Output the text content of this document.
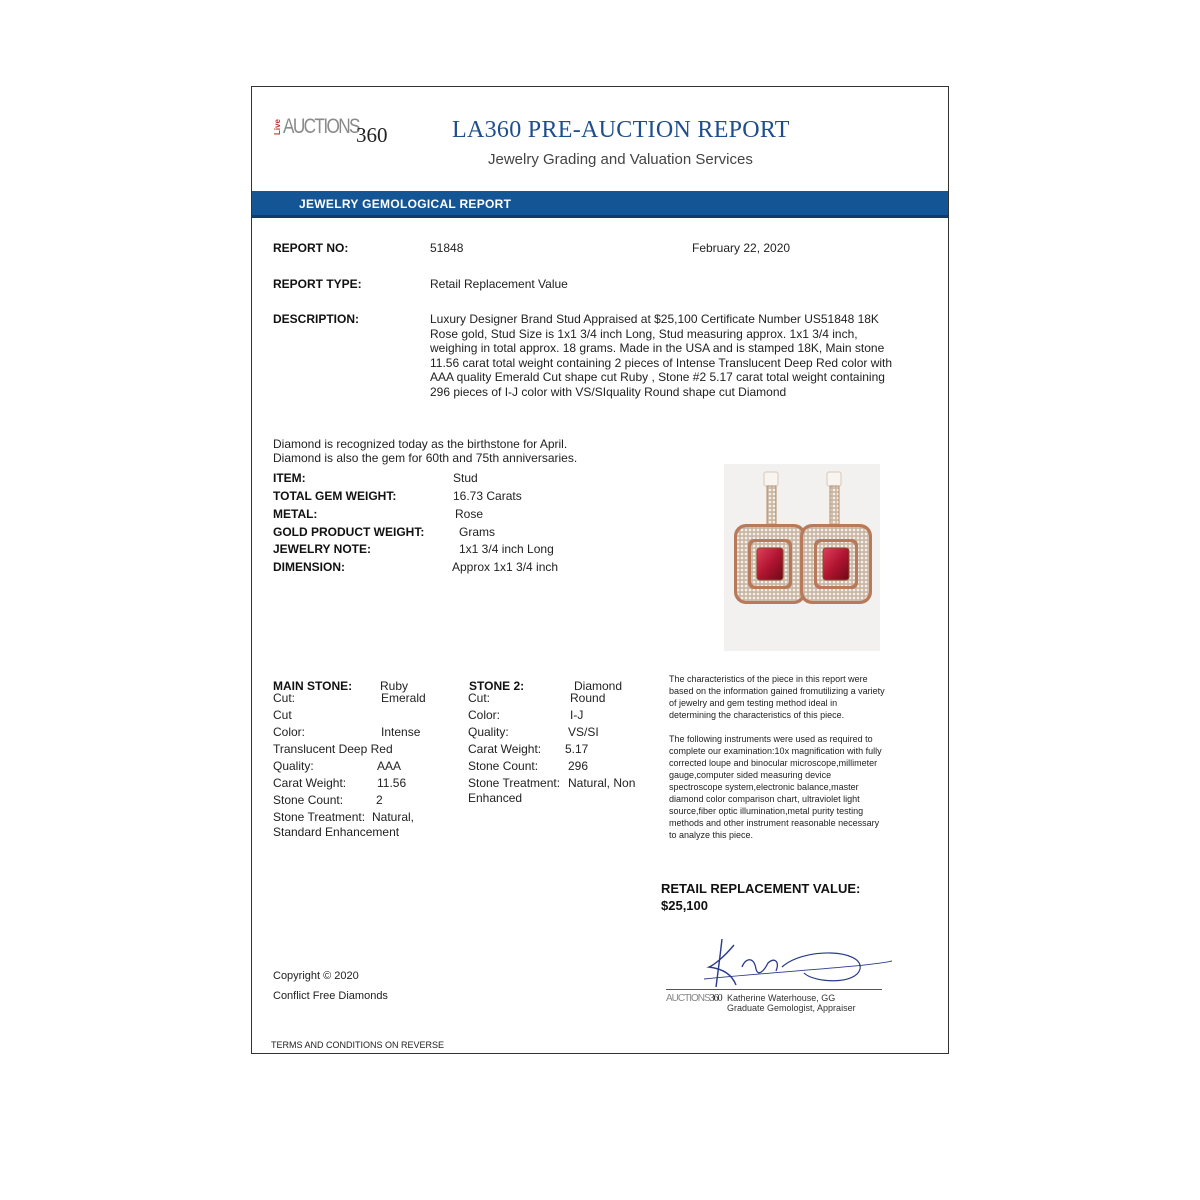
Live AUCTIONS
360	LA360 PRE-AUCTION REPORT
Jewelry Grading and Valuation Services
JEWELRY GEMOLOGICAL REPORT
REPORT NO:	51848	February 22, 2020
REPORT TYPE:	Retail Replacement Value
DESCRIPTION:	Luxury Designer Brand Stud Appraised at $25,100 Certificate Number US51848 18K
Rose gold, Stud Size is 1x1 3/4 inch Long, Stud measuring approx. 1x1 3/4 inch,
weighing in total approx. 18 grams. Made in the USA and is stamped 18K, Main stone
11.56 carat total weight containing 2 pieces of Intense Translucent Deep Red color with
AAA quality Emerald Cut shape cut Ruby , Stone #2 5.17 carat total weight containing
296 pieces of I-J color with VS/SIquality Round shape cut Diamond
Diamond is recognized today as the birthstone for April.
Diamond is also the gem for 60th and 75th anniversaries.
ITEM:	Stud
TOTAL GEM WEIGHT:	16.73 Carats
METAL:	Rose
GOLD PRODUCT WEIGHT:	Grams
JEWELRY NOTE:	1x1 3/4 inch Long
DIMENSION:	Approx 1x1 3/4 inch
MAIN STONE: Ruby
Cut:	Emerald
Cut
Color:	Intense
Translucent Deep Red
Quality:	AAA
Carat Weight:	11.56
Stone Count:	2
Stone Treatment: Natural,
Standard Enhancement
STONE 2:	Diamond
Cut:	Round
Color:	I-J
Quality:	VS/SI
Carat Weight: 5.17
Stone Count: 296
Stone Treatment: Natural, Non
Enhanced
The characteristics of the piece in this report were
based on the information gained fromutilizing a variety
of jewelry and gem testing method ideal in
determining the characteristics of this piece.
The following instruments were used as required to
complete our examination:10x magnification with fully
corrected loupe and binocular microscope,millimeter
gauge,computer sided measuring device
spectroscope system,electronic balance,master
diamond color comparison chart, ultraviolet light
source,fiber optic illumination,metal purity testing
methods and other instrument reasonable necessary
to analyze this piece.
RETAIL REPLACEMENT VALUE:
$25,100
AUCTIONS360 Katherine Waterhouse, GG
Graduate Gemologist, Appraiser
Copyright © 2020
Conflict Free Diamonds
TERMS AND CONDITIONS ON REVERSE
